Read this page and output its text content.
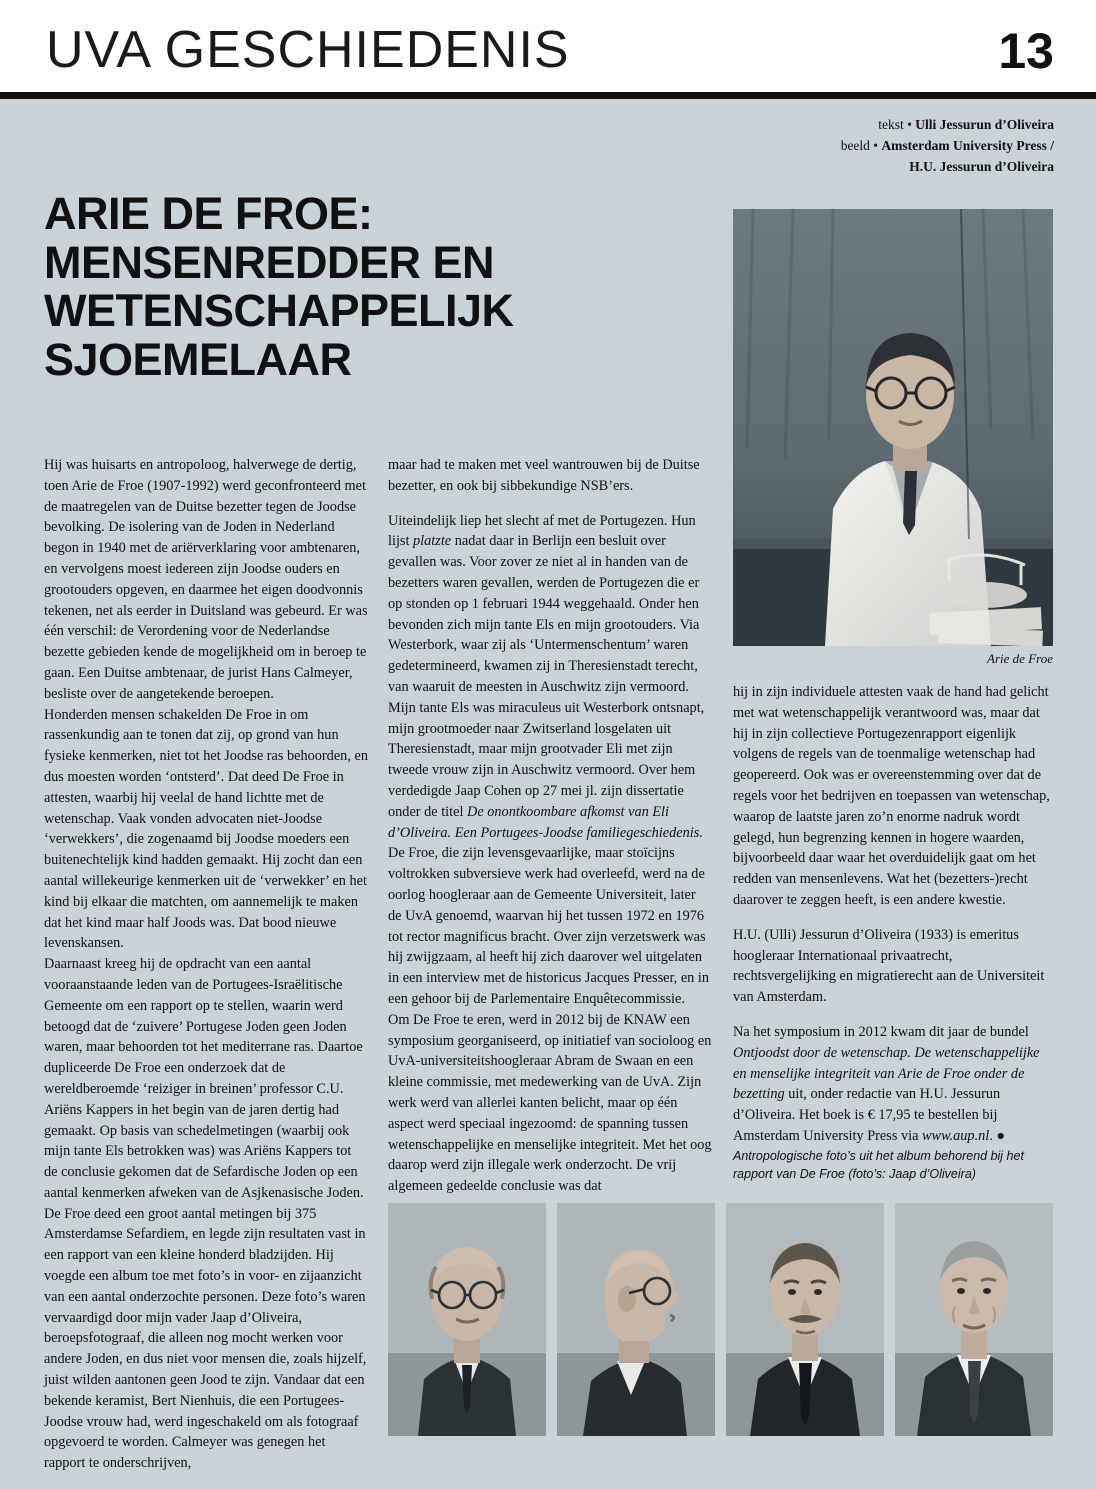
UVA GESCHIEDENIS	13
tekst • Ulli Jessurun d’Oliveira
beeld • Amsterdam University Press /
H.U. Jessurun d’Oliveira
ARIE DE FROE: MENSENREDDER EN WETENSCHAPPELIJK SJOEMELAAR
Arie de Froe

Hij was huisarts en antropoloog, halverwege de dertig, toen Arie de Froe (1907-1992) werd geconfronteerd met de maatregelen van de Duitse bezetter tegen de Joodse bevolking. De isolering van de Joden in Nederland begon in 1940 met de ariërverklaring voor ambtenaren, en vervolgens moest iedereen zijn Joodse ouders en grootouders opgeven, en daarmee het eigen doodvonnis tekenen, net als eerder in Duitsland was gebeurd. Er was één verschil: de Verordening voor de Nederlandse bezette gebieden kende de mogelijkheid om in beroep te gaan. Een Duitse ambtenaar, de jurist Hans Calmeyer, besliste over de aangetekende beroepen.

Honderden mensen schakelden De Froe in om rassenkundig aan te tonen dat zij, op grond van hun fysieke kenmerken, niet tot het Joodse ras behoorden, en dus moesten worden ‘ontsterd’. Dat deed De Froe in attesten, waarbij hij veelal de hand lichtte met de wetenschap. Vaak vonden advocaten niet-Joodse ‘verwekkers’, die zogenaamd bij Joodse moeders een buitenechtelijk kind hadden gemaakt. Hij zocht dan een aantal willekeurige kenmerken uit de ‘verwekker’ en het kind bij elkaar die matchten, om aannemelijk te maken dat het kind maar half Joods was. Dat bood nieuwe levenskansen.

Daarnaast kreeg hij de opdracht van een aantal vooraanstaande leden van de Portugees-Israëlitische Gemeente om een rapport op te stellen, waarin werd betoogd dat de ‘zuivere’ Portugese Joden geen Joden waren, maar behoorden tot het mediterrane ras. Daartoe dupliceerde De Froe een onderzoek dat de wereldberoemde ‘reiziger in breinen’ professor C.U. Ariëns Kappers in het begin van de jaren dertig had gemaakt. Op basis van schedelmetingen (waarbij ook mijn tante Els betrokken was) was Ariëns Kappers tot de conclusie gekomen dat de Sefardische Joden op een aantal kenmerken afweken van de Asjkenasische Joden.

De Froe deed een groot aantal metingen bij 375 Amsterdamse Sefardiem, en legde zijn resultaten vast in een rapport van een kleine honderd bladzijden. Hij voegde een album toe met foto’s in voor- en zijaanzicht van een aantal onderzochte personen. Deze foto’s waren vervaardigd door mijn vader Jaap d’Oliveira, beroepsfotograaf, die alleen nog mocht werken voor andere Joden, en dus niet voor mensen die, zoals hijzelf, juist wilden aantonen geen Jood te zijn. Vandaar dat een bekende keramist, Bert Nienhuis, die een Portugees-Joodse vrouw had, werd ingeschakeld om als fotograaf opgevoerd te worden. Calmeyer was genegen het rapport te onderschrijven,

maar had te maken met veel wantrouwen bij de Duitse bezetter, en ook bij sibbekundige NSB’ers.

Uiteindelijk liep het slecht af met de Portugezen. Hun lijst platzte nadat daar in Berlijn een besluit over gevallen was. Voor zover ze niet al in handen van de bezetters waren gevallen, werden de Portugezen die er op stonden op 1 februari 1944 weggehaald. Onder hen bevonden zich mijn tante Els en mijn grootouders. Via Westerbork, waar zij als ‘Untermenschentum’ waren gedetermineerd, kwamen zij in Theresienstadt terecht, van waaruit de meesten in Auschwitz zijn vermoord. Mijn tante Els was miraculeus uit Westerbork ontsnapt, mijn grootmoeder naar Zwitserland losgelaten uit Theresienstadt, maar mijn grootvader Eli met zijn tweede vrouw zijn in Auschwitz vermoord. Over hem verdedigde Jaap Cohen op 27 mei jl. zijn dissertatie onder de titel De onontkoombare afkomst van Eli d’Oliveira. Een Portugees-Joodse familiegeschiedenis.

De Froe, die zijn levensgevaarlijke, maar stoïcijns voltrokken subversieve werk had overleefd, werd na de oorlog hoogleraar aan de Gemeente Universiteit, later de UvA genoemd, waarvan hij het tussen 1972 en 1976 tot rector magnificus bracht. Over zijn verzetswerk was hij zwijgzaam, al heeft hij zich daarover wel uitgelaten in een interview met de historicus Jacques Presser, en in een gehoor bij de Parlementaire Enquêtecommissie.

Om De Froe te eren, werd in 2012 bij de KNAW een symposium georganiseerd, op initiatief van socioloog en UvA-universiteitshoogleraar Abram de Swaan en een kleine commissie, met medewerking van de UvA. Zijn werk werd van allerlei kanten belicht, maar op één aspect werd speciaal ingezoomd: de spanning tussen wetenschappelijke en menselijke integriteit. Met het oog daarop werd zijn illegale werk onderzocht. De vrij algemeen gedeelde conclusie was dat

hij in zijn individuele attesten vaak de hand had gelicht met wat wetenschappelijk verantwoord was, maar dat hij in zijn collectieve Portugezenrapport eigenlijk volgens de regels van de toenmalige wetenschap had geopereerd. Ook was er overeenstemming over dat de regels voor het bedrijven en toepassen van wetenschap, waarop de laatste jaren zo’n enorme nadruk wordt gelegd, hun begrenzing kennen in hogere waarden, bijvoorbeeld daar waar het overduidelijk gaat om het redden van mensenlevens. Wat het (bezetters-)recht daarover te zeggen heeft, is een andere kwestie.

H.U. (Ulli) Jessurun d’Oliveira (1933) is emeritus hoogleraar Internationaal privaatrecht, rechtsvergelijking en migratierecht aan de Universiteit van Amsterdam.

Na het symposium in 2012 kwam dit jaar de bundel Ontjoodst door de wetenschap. De wetenschappelijke en menselijke integriteit van Arie de Froe onder de bezetting uit, onder redactie van H.U. Jessurun d’Oliveira. Het boek is € 17,95 te bestellen bij Amsterdam University Press via www.aup.nl. ●

Antropologische foto’s uit het album behorend bij het rapport van De Froe (foto’s: Jaap d’Oliveira)
